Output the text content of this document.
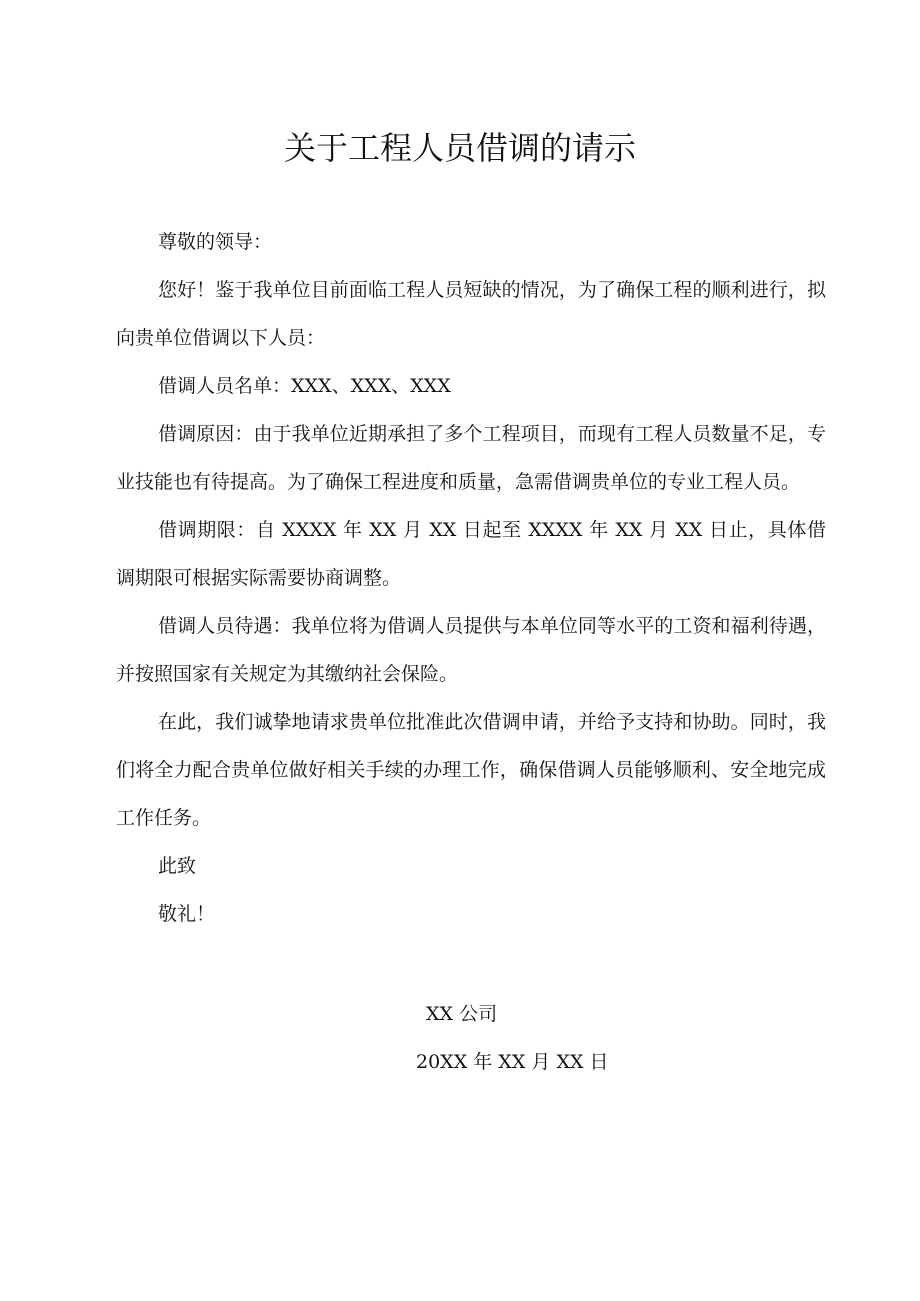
关于工程人员借调的请示

尊敬的领导：

您好！鉴于我单位目前面临工程人员短缺的情况，为了确保工程的顺利进行，拟向贵单位借调以下人员：

借调人员名单：XXX、XXX、XXX

借调原因：由于我单位近期承担了多个工程项目，而现有工程人员数量不足，专业技能也有待提高。为了确保工程进度和质量，急需借调贵单位的专业工程人员。

借调期限：自 XXXX 年 XX 月 XX 日起至 XXXX 年 XX 月 XX 日止，具体借调期限可根据实际需要协商调整。

借调人员待遇：我单位将为借调人员提供与本单位同等水平的工资和福利待遇，并按照国家有关规定为其缴纳社会保险。

在此，我们诚挚地请求贵单位批准此次借调申请，并给予支持和协助。同时，我们将全力配合贵单位做好相关手续的办理工作，确保借调人员能够顺利、安全地完成工作任务。

此致

敬礼！

XX 公司
20XX 年 XX 月 XX 日
